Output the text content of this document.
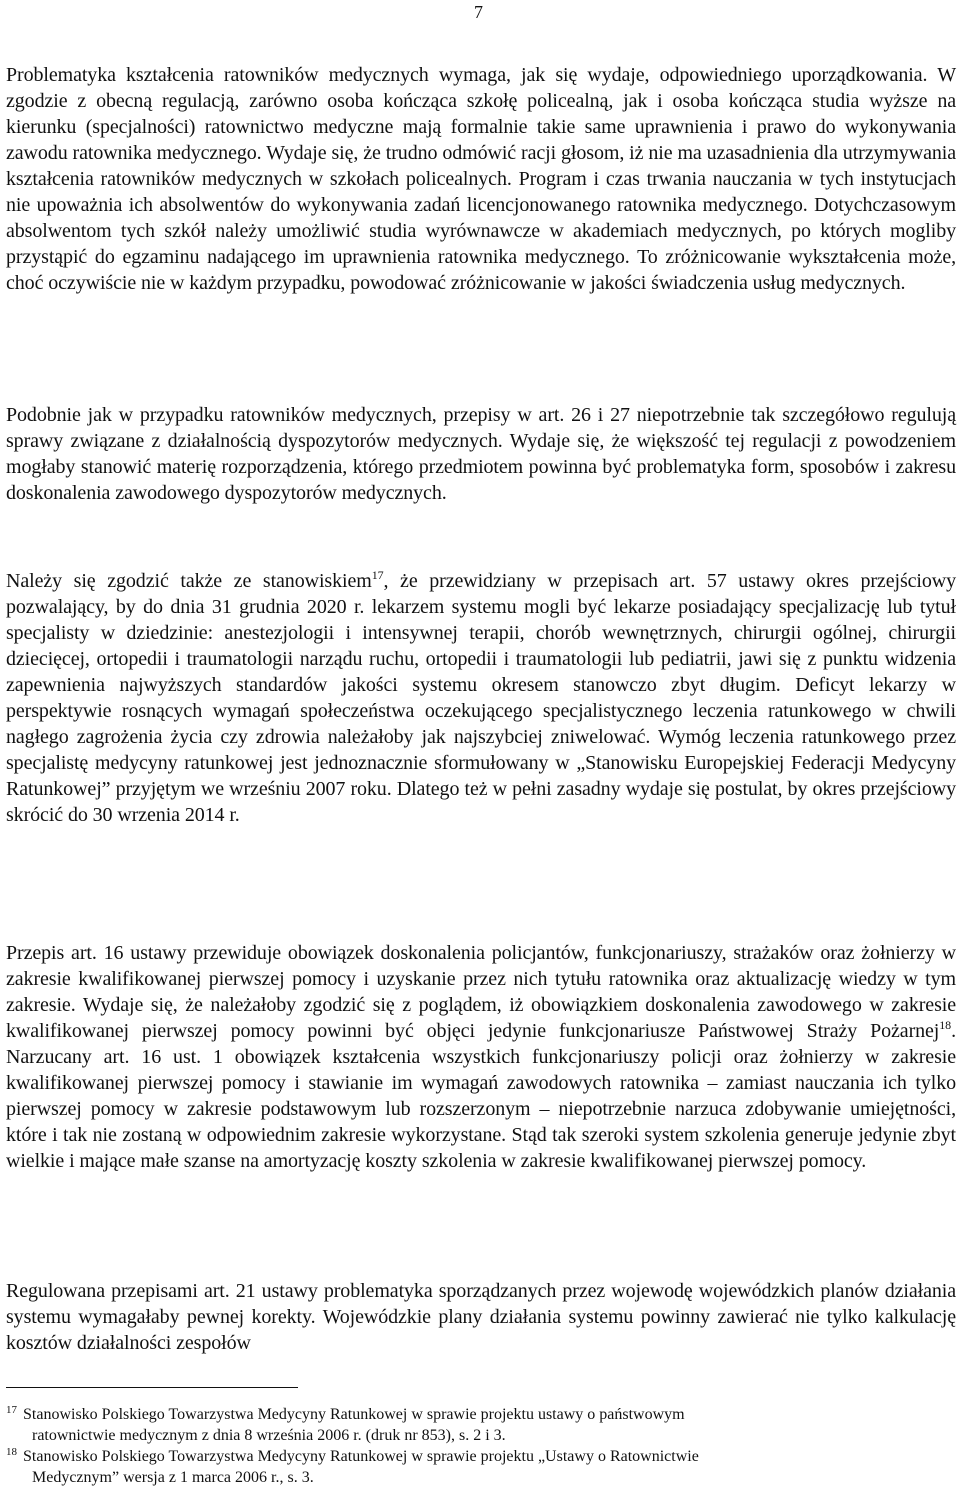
7

Problematyka kształcenia ratowników medycznych wymaga, jak się wydaje, odpowiedniego uporządkowania. W zgodzie z obecną regulacją, zarówno osoba kończąca szkołę policealną, jak i osoba kończąca studia wyższe na kierunku (specjalności) ratownictwo medyczne mają formalnie takie same uprawnienia i prawo do wykonywania zawodu ratownika medycznego. Wydaje się, że trudno odmówić racji głosom, iż nie ma uzasadnienia dla utrzymywania kształcenia ratowników medycznych w szkołach policealnych. Program i czas trwania nauczania w tych instytucjach nie upoważnia ich absolwentów do wykonywania zadań licencjonowanego ratownika medycznego. Dotychczasowym absolwentom tych szkół należy umożliwić studia wyrównawcze w akademiach medycznych, po których mogliby przystąpić do egzaminu nadającego im uprawnienia ratownika medycznego. To zróżnicowanie wykształcenia może, choć oczywiście nie w każdym przypadku, powodować zróżnicowanie w jakości świadczenia usług medycznych.

Podobnie jak w przypadku ratowników medycznych, przepisy w art. 26 i 27 niepotrzebnie tak szczegółowo regulują sprawy związane z działalnością dyspozytorów medycznych. Wydaje się, że większość tej regulacji z powodzeniem mogłaby stanowić materię rozporządzenia, którego przedmiotem powinna być problematyka form, sposobów i zakresu doskonalenia zawodowego dyspozytorów medycznych.

Należy się zgodzić także ze stanowiskiem$^{17}$, że przewidziany w przepisach art. 57 ustawy okres przejściowy pozwalający, by do dnia 31 grudnia 2020 r. lekarzem systemu mogli być lekarze posiadający specjalizację lub tytuł specjalisty w dziedzinie: anestezjologii i intensywnej terapii, chorób wewnętrznych, chirurgii ogólnej, chirurgii dziecięcej, ortopedii i traumatologii narządu ruchu, ortopedii i traumatologii lub pediatrii, jawi się z punktu widzenia zapewnienia najwyższych standardów jakości systemu okresem stanowczo zbyt długim. Deficyt lekarzy w perspektywie rosnących wymagań społeczeństwa oczekującego specjalistycznego leczenia ratunkowego w chwili nagłego zagrożenia życia czy zdrowia należałoby jak najszybciej zniwelować. Wymóg leczenia ratunkowego przez specjalistę medycyny ratunkowej jest jednoznacznie sformułowany w „Stanowisku Europejskiej Federacji Medycyny Ratunkowej” przyjętym we wrześniu 2007 roku. Dlatego też w pełni zasadny wydaje się postulat, by okres przejściowy skrócić do 30 wrzenia 2014 r.

Przepis art. 16 ustawy przewiduje obowiązek doskonalenia policjantów, funkcjonariuszy, strażaków oraz żołnierzy w zakresie kwalifikowanej pierwszej pomocy i uzyskanie przez nich tytułu ratownika oraz aktualizację wiedzy w tym zakresie. Wydaje się, że należałoby zgodzić się z poglądem, iż obowiązkiem doskonalenia zawodowego w zakresie kwalifikowanej pierwszej pomocy powinni być objęci jedynie funkcjonariusze Państwowej Straży Pożarnej$^{18}$. Narzucany art. 16 ust. 1 obowiązek kształcenia wszystkich funkcjonariuszy policji oraz żołnierzy w zakresie kwalifikowanej pierwszej pomocy i stawianie im wymagań zawodowych ratownika – zamiast nauczania ich tylko pierwszej pomocy w zakresie podstawowym lub rozszerzonym – niepotrzebnie narzuca zdobywanie umiejętności, które i tak nie zostaną w odpowiednim zakresie wykorzystane. Stąd tak szeroki system szkolenia generuje jedynie zbyt wielkie i mające małe szanse na amortyzację koszty szkolenia w zakresie kwalifikowanej pierwszej pomocy.

Regulowana przepisami art. 21 ustawy problematyka sporządzanych przez wojewodę wojewódzkich planów działania systemu wymagałaby pewnej korekty. Wojewódzkie plany działania systemu powinny zawierać nie tylko kalkulację kosztów działalności zespołów

$^{17}$ Stanowisko Polskiego Towarzystwa Medycyny Ratunkowej w sprawie projektu ustawy o państwowym
ratownictwie medycznym z dnia 8 września 2006 r. (druk nr 853), s. 2 i 3.

$^{18}$ Stanowisko Polskiego Towarzystwa Medycyny Ratunkowej w sprawie projektu „Ustawy o Ratownictwie
Medycznym” wersja z 1 marca 2006 r., s. 3.
